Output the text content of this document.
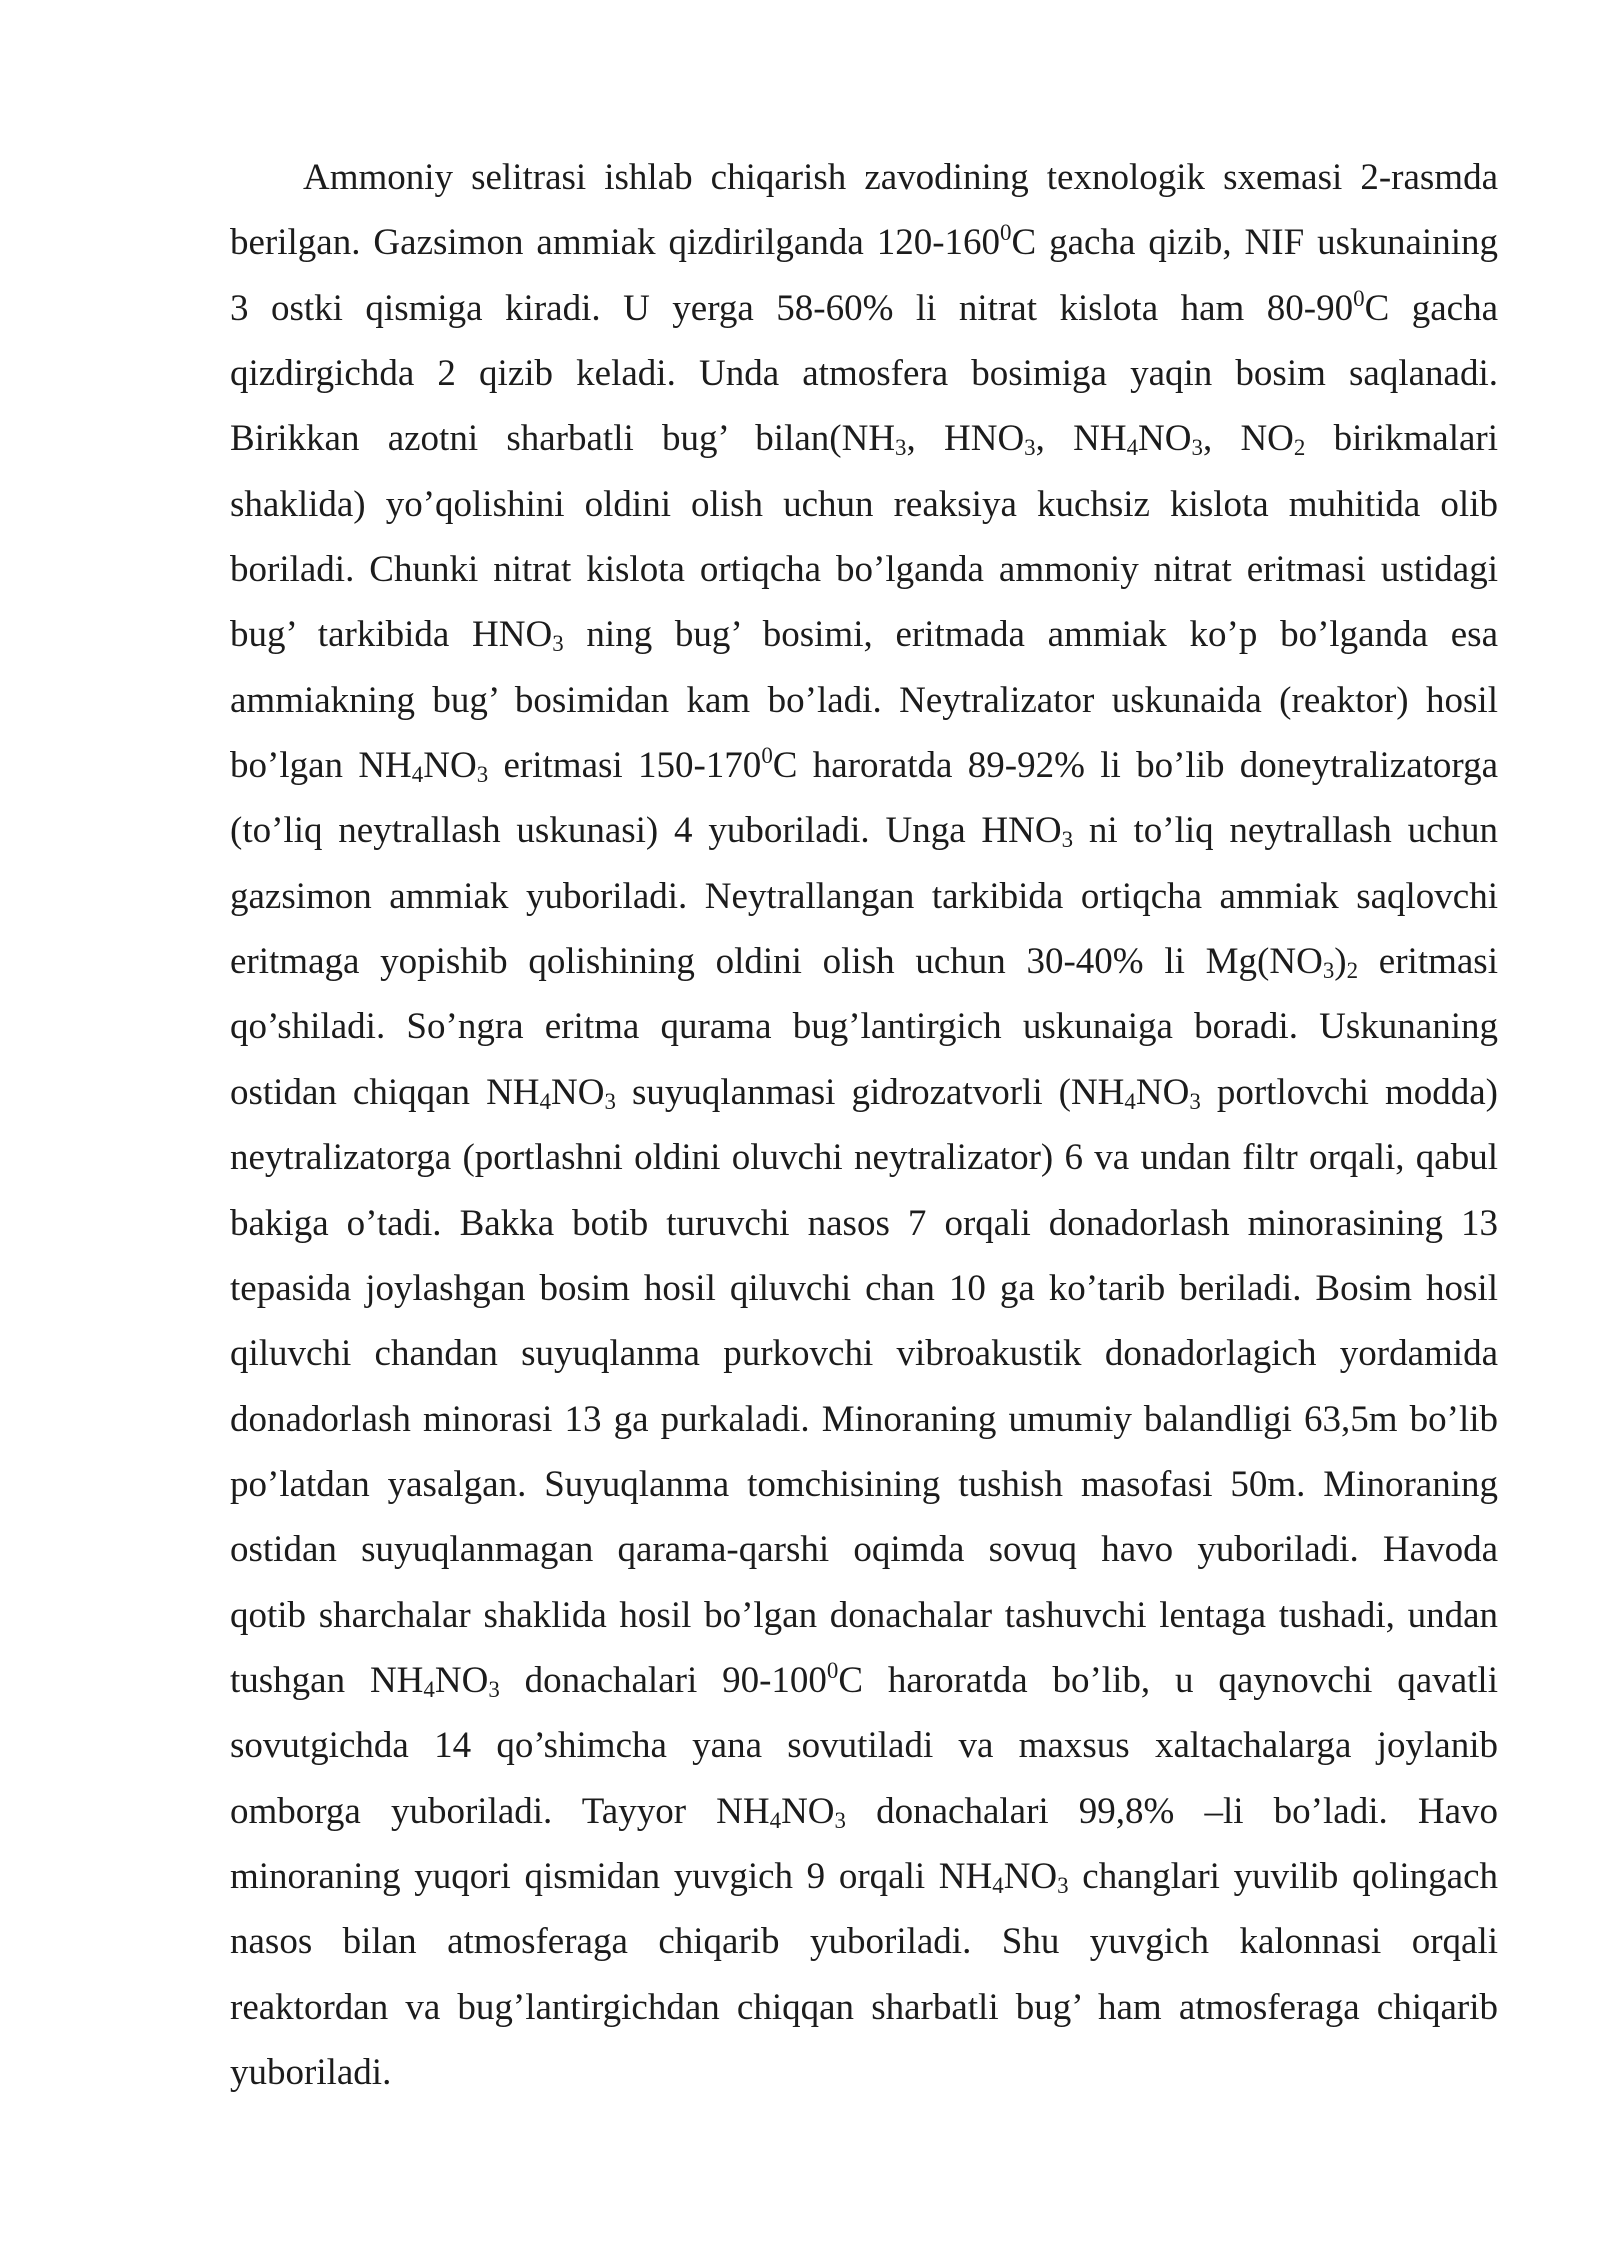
Ammoniy selitrasi ishlab chiqarish zavodining texnologik sxemasi 2-rasmda
berilgan. Gazsimon ammiak qizdirilganda $120-160^0C$ gacha qizib, NIF uskunaining
3 ostki qismiga kiradi. U yerga 58-60% li nitrat kislota ham $80-90^0C$ gacha
qizdirgichda 2 qizib keladi. Unda atmosfera bosimiga yaqin bosim saqlanadi.
Birikkan azotni sharbatli bug’ $bilan(NH_3$, $HNO_3$, $NH_4NO_3$, $NO_2$ birikmalari
shaklida) yo’qolishini oldini olish uchun reaksiya kuchsiz kislota muhitida olib
boriladi. Chunki nitrat kislota ortiqcha bo’lganda ammoniy nitrat eritmasi ustidagi
bug’ tarkibida $HNO_3$ ning bug’ bosimi, eritmada ammiak ko’p bo’lganda esa
ammiakning bug’ bosimidan kam bo’ladi. Neytralizator uskunaida (reaktor) hosil
bo’lgan $NH_4NO_3$ eritmasi $150-170^0C$ haroratda 89-92% li bo’lib doneytralizatorga
(to’liq neytrallash uskunasi) 4 yuboriladi. Unga $HNO_3$ ni to’liq neytrallash uchun
gazsimon ammiak yuboriladi. Neytrallangan tarkibida ortiqcha ammiak saqlovchi
eritmaga yopishib qolishining oldini olish uchun 30-40% li $Mg(NO_3)_2$ eritmasi
qo’shiladi. So’ngra eritma qurama bug’lantirgich uskunaiga boradi. Uskunaning
ostidan chiqqan $NH_4NO_3$ suyuqlanmasi gidrozatvorli ($NH_4NO_3$ portlovchi modda)
neytralizatorga (portlashni oldini oluvchi neytralizator) 6 va undan filtr orqali, qabul
bakiga o’tadi. Bakka botib turuvchi nasos 7 orqali donadorlash minorasining 13
tepasida joylashgan bosim hosil qiluvchi chan 10 ga ko’tarib beriladi. Bosim hosil
qiluvchi chandan suyuqlanma purkovchi vibroakustik donadorlagich yordamida
donadorlash minorasi 13 ga purkaladi. Minoraning umumiy balandligi 63,5m bo’lib
po’latdan yasalgan. Suyuqlanma tomchisining tushish masofasi 50m. Minoraning
ostidan suyuqlanmagan qarama-qarshi oqimda sovuq havo yuboriladi. Havoda
qotib sharchalar shaklida hosil bo’lgan donachalar tashuvchi lentaga tushadi, undan
tushgan $NH_4NO_3$ donachalari $90-100^0C$ haroratda bo’lib, u qaynovchi qavatli
sovutgichda 14 qo’shimcha yana sovutiladi va maxsus xaltachalarga joylanib
omborga yuboriladi. Tayyor $NH_4NO_3$ donachalari 99,8% –li bo’ladi. Havo
minoraning yuqori qismidan yuvgich 9 orqali $NH_4NO_3$ changlari yuvilib qolingach
nasos bilan atmosferaga chiqarib yuboriladi. Shu yuvgich kalonnasi orqali
reaktordan va bug’lantirgichdan chiqqan sharbatli bug’ ham atmosferaga chiqarib
yuboriladi.
